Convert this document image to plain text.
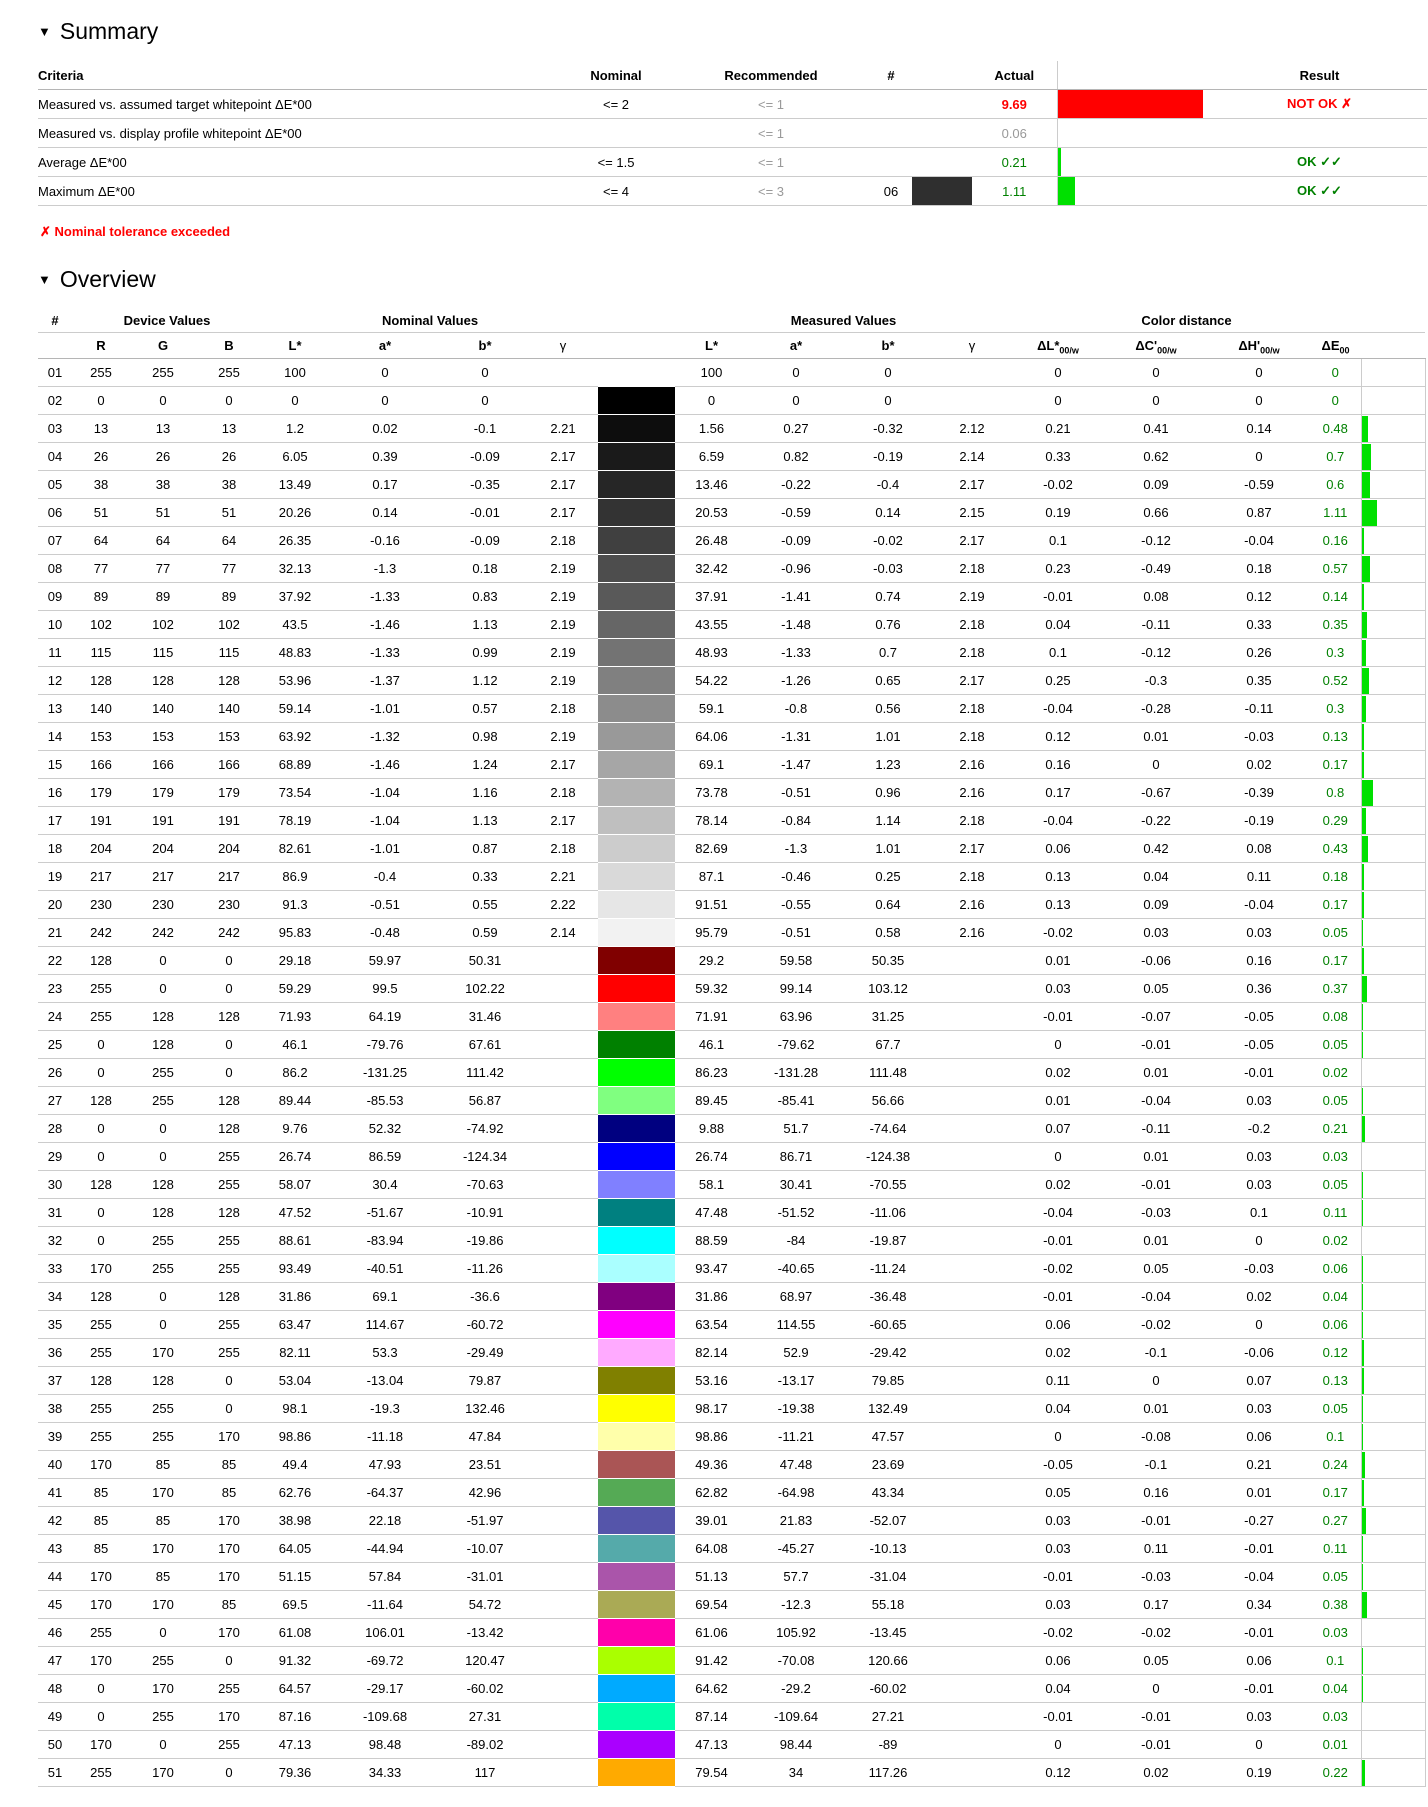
▼ Summary
Criteria	Nominal	Recommended	#		Actual		Result
Measured vs. assumed target whitepoint ΔE*00	<= 2	<= 1			9.69		NOT OK ✗
Measured vs. display profile whitepoint ΔE*00		<= 1			0.06		
Average ΔE*00	<= 1.5	<= 1			0.21		OK ✓✓
Maximum ΔE*00	<= 4	<= 3	06		1.11		OK ✓✓
✗ Nominal tolerance exceeded
▼ Overview
#	Device Values			Nominal Values					Measured Values				Color distance				
	R	G	B	L*	a*	b*	γ		L*	a*	b*	γ	$\Delta L*_{00/w}$	$\Delta C'_{00/w}$	$\Delta H'_{00/w}$	$\Delta E_{00}$	
01	255	255	255	100	0	0			100	0	0		0	0	0	0	
02	0	0	0	0	0	0			0	0	0		0	0	0	0	
03	13	13	13	1.2	0.02	-0.1	2.21		1.56	0.27	-0.32	2.12	0.21	0.41	0.14	0.48	

04	26	26	26	6.05	0.39	-0.09	2.17		6.59	0.82	-0.19	2.14	0.33	0.62	0	0.7	

05	38	38	38	13.49	0.17	-0.35	2.17		13.46	-0.22	-0.4	2.17	-0.02	0.09	-0.59	0.6	

06	51	51	51	20.26	0.14	-0.01	2.17		20.53	-0.59	0.14	2.15	0.19	0.66	0.87	1.11	

07	64	64	64	26.35	-0.16	-0.09	2.18		26.48	-0.09	-0.02	2.17	0.1	-0.12	-0.04	0.16	

08	77	77	77	32.13	-1.3	0.18	2.19		32.42	-0.96	-0.03	2.18	0.23	-0.49	0.18	0.57	

09	89	89	89	37.92	-1.33	0.83	2.19		37.91	-1.41	0.74	2.19	-0.01	0.08	0.12	0.14	

10	102	102	102	43.5	-1.46	1.13	2.19		43.55	-1.48	0.76	2.18	0.04	-0.11	0.33	0.35	

11	115	115	115	48.83	-1.33	0.99	2.19		48.93	-1.33	0.7	2.18	0.1	-0.12	0.26	0.3	

12	128	128	128	53.96	-1.37	1.12	2.19		54.22	-1.26	0.65	2.17	0.25	-0.3	0.35	0.52	

13	140	140	140	59.14	-1.01	0.57	2.18		59.1	-0.8	0.56	2.18	-0.04	-0.28	-0.11	0.3	

14	153	153	153	63.92	-1.32	0.98	2.19		64.06	-1.31	1.01	2.18	0.12	0.01	-0.03	0.13	

15	166	166	166	68.89	-1.46	1.24	2.17		69.1	-1.47	1.23	2.16	0.16	0	0.02	0.17	

16	179	179	179	73.54	-1.04	1.16	2.18		73.78	-0.51	0.96	2.16	0.17	-0.67	-0.39	0.8	

17	191	191	191	78.19	-1.04	1.13	2.17		78.14	-0.84	1.14	2.18	-0.04	-0.22	-0.19	0.29	

18	204	204	204	82.61	-1.01	0.87	2.18		82.69	-1.3	1.01	2.17	0.06	0.42	0.08	0.43	

19	217	217	217	86.9	-0.4	0.33	2.21		87.1	-0.46	0.25	2.18	0.13	0.04	0.11	0.18	

20	230	230	230	91.3	-0.51	0.55	2.22		91.51	-0.55	0.64	2.16	0.13	0.09	-0.04	0.17	

21	242	242	242	95.83	-0.48	0.59	2.14		95.79	-0.51	0.58	2.16	-0.02	0.03	0.03	0.05	

22	128	0	0	29.18	59.97	50.31			29.2	59.58	50.35		0.01	-0.06	0.16	0.17	

23	255	0	0	59.29	99.5	102.22			59.32	99.14	103.12		0.03	0.05	0.36	0.37	

24	255	128	128	71.93	64.19	31.46			71.91	63.96	31.25		-0.01	-0.07	-0.05	0.08	

25	0	128	0	46.1	-79.76	67.61			46.1	-79.62	67.7		0	-0.01	-0.05	0.05	

26	0	255	0	86.2	-131.25	111.42			86.23	-131.28	111.48		0.02	0.01	-0.01	0.02	
27	128	255	128	89.44	-85.53	56.87			89.45	-85.41	56.66		0.01	-0.04	0.03	0.05	

28	0	0	128	9.76	52.32	-74.92			9.88	51.7	-74.64		0.07	-0.11	-0.2	0.21	

29	0	0	255	26.74	86.59	-124.34			26.74	86.71	-124.38		0	0.01	0.03	0.03	
30	128	128	255	58.07	30.4	-70.63			58.1	30.41	-70.55		0.02	-0.01	0.03	0.05	

31	0	128	128	47.52	-51.67	-10.91			47.48	-51.52	-11.06		-0.04	-0.03	0.1	0.11	

32	0	255	255	88.61	-83.94	-19.86			88.59	-84	-19.87		-0.01	0.01	0	0.02	
33	170	255	255	93.49	-40.51	-11.26			93.47	-40.65	-11.24		-0.02	0.05	-0.03	0.06	

34	128	0	128	31.86	69.1	-36.6			31.86	68.97	-36.48		-0.01	-0.04	0.02	0.04	

35	255	0	255	63.47	114.67	-60.72			63.54	114.55	-60.65		0.06	-0.02	0	0.06	

36	255	170	255	82.11	53.3	-29.49			82.14	52.9	-29.42		0.02	-0.1	-0.06	0.12	

37	128	128	0	53.04	-13.04	79.87			53.16	-13.17	79.85		0.11	0	0.07	0.13	

38	255	255	0	98.1	-19.3	132.46			98.17	-19.38	132.49		0.04	0.01	0.03	0.05	

39	255	255	170	98.86	-11.18	47.84			98.86	-11.21	47.57		0	-0.08	0.06	0.1	

40	170	85	85	49.4	47.93	23.51			49.36	47.48	23.69		-0.05	-0.1	0.21	0.24	

41	85	170	85	62.76	-64.37	42.96			62.82	-64.98	43.34		0.05	0.16	0.01	0.17	

42	85	85	170	38.98	22.18	-51.97			39.01	21.83	-52.07		0.03	-0.01	-0.27	0.27	

43	85	170	170	64.05	-44.94	-10.07			64.08	-45.27	-10.13		0.03	0.11	-0.01	0.11	

44	170	85	170	51.15	57.84	-31.01			51.13	57.7	-31.04		-0.01	-0.03	-0.04	0.05	

45	170	170	85	69.5	-11.64	54.72			69.54	-12.3	55.18		0.03	0.17	0.34	0.38	

46	255	0	170	61.08	106.01	-13.42			61.06	105.92	-13.45		-0.02	-0.02	-0.01	0.03	
47	170	255	0	91.32	-69.72	120.47			91.42	-70.08	120.66		0.06	0.05	0.06	0.1	

48	0	170	255	64.57	-29.17	-60.02			64.62	-29.2	-60.02		0.04	0	-0.01	0.04	

49	0	255	170	87.16	-109.68	27.31			87.14	-109.64	27.21		-0.01	-0.01	0.03	0.03	
50	170	0	255	47.13	98.48	-89.02			47.13	98.44	-89		0	-0.01	0	0.01	
51	255	170	0	79.36	34.33	117			79.54	34	117.26		0.12	0.02	0.19	0.22	
